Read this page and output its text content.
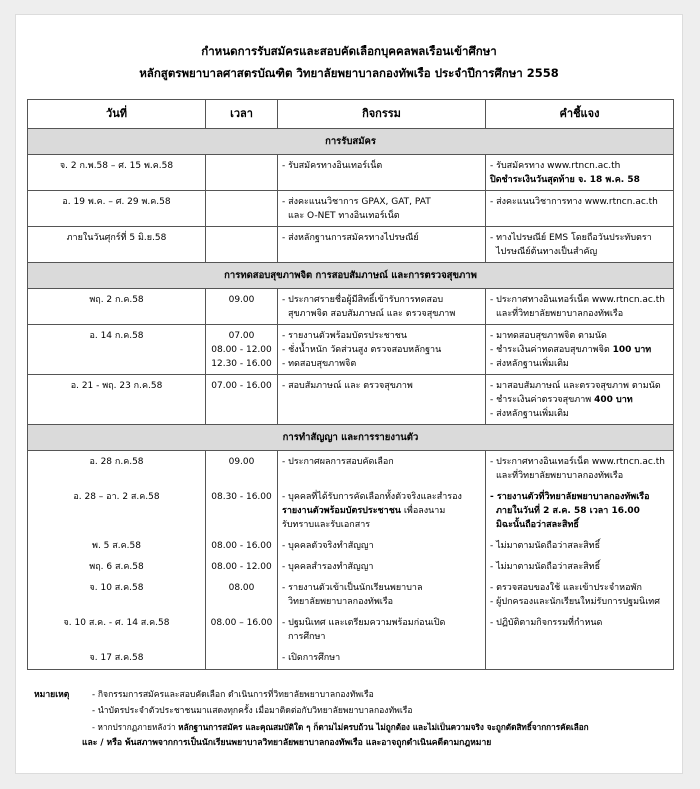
กำหนดการรับสมัครและสอบคัดเลือกบุคคลพลเรือนเข้าศึกษา
หลักสูตรพยาบาลศาสตรบัณฑิต วิทยาลัยพยาบาลกองทัพเรือ ประจำปีการศึกษา 2558
วันที่	เวลา	กิจกรรม	คำชี้แจง
การรับสมัคร			
จ. 2 ก.พ.58 – ศ. 15 พ.ค.58		- รับสมัครทางอินเทอร์เน็ต	- รับสมัครทาง www.rtncn.ac.th
ปิดชำระเงินวันสุดท้าย จ. 18 พ.ค. 58

อ. 19 พ.ค. – ศ. 29 พ.ค.58		- ส่งคะแนนวิชาการ GPAX, GAT, PAT
และ O-NET ทางอินเทอร์เน็ต	- ส่งคะแนนวิชาการทาง www.rtncn.ac.th
ภายในวันศุกร์ที่ 5 มิ.ย.58		- ส่งหลักฐานการสมัครทางไปรษณีย์	- ทางไปรษณีย์ EMS โดยถือวันประทับตรา
ไปรษณีย์ต้นทางเป็นสำคัญ

การทดสอบสุขภาพจิต การสอบสัมภาษณ์ และการตรวจสุขภาพ			
พฤ. 2 ก.ค.58	09.00	- ประกาศรายชื่อผู้มีสิทธิ์เข้ารับการทดสอบ
สุขภาพจิต สอบสัมภาษณ์ และ ตรวจสุขภาพ	- ประกาศทางอินเทอร์เน็ต www.rtncn.ac.th
และที่วิทยาลัยพยาบาลกองทัพเรือ

อ. 14 ก.ค.58	07.00
08.00 - 12.00
12.30 - 16.00	- รายงานตัวพร้อมบัตรประชาชน
- ชั่งน้ำหนัก วัดส่วนสูง ตรวจสอบหลักฐาน
- ทดสอบสุขภาพจิต	- มาทดสอบสุขภาพจิต ตามนัด
- ชำระเงินค่าทดสอบสุขภาพจิต 100 บาท
- ส่งหลักฐานเพิ่มเติม

อ. 21 - พฤ. 23 ก.ค.58	07.00 - 16.00	- สอบสัมภาษณ์ และ ตรวจสุขภาพ	- มาสอบสัมภาษณ์ และตรวจสุขภาพ ตามนัด
- ชำระเงินค่าตรวจสุขภาพ 400 บาท
- ส่งหลักฐานเพิ่มเติม

การทำสัญญา และการรายงานตัว			
อ. 28 ก.ค.58	09.00	- ประกาศผลการสอบคัดเลือก	- ประกาศทางอินเทอร์เน็ต www.rtncn.ac.th
และที่วิทยาลัยพยาบาลกองทัพเรือ

อ. 28 – อา. 2 ส.ค.58	08.30 - 16.00	- บุคคลที่ได้รับการคัดเลือกทั้งตัวจริงและสำรอง
รายงานตัวพร้อมบัตรประชาชน เพื่อลงนาม
รับทราบและรับเอกสาร	- รายงานตัวที่วิทยาลัยพยาบาลกองทัพเรือ
ภายในวันที่ 2 ส.ค. 58 เวลา 16.00
มิฉะนั้นถือว่าสละสิทธิ์

พ. 5 ส.ค.58	08.00 - 16.00	- บุคคลตัวจริงทำสัญญา	- ไม่มาตามนัดถือว่าสละสิทธิ์
พฤ. 6 ส.ค.58	08.00 - 12.00	- บุคคลสำรองทำสัญญา	- ไม่มาตามนัดถือว่าสละสิทธิ์
จ. 10 ส.ค.58	08.00	- รายงานตัวเข้าเป็นนักเรียนพยาบาล
วิทยาลัยพยาบาลกองทัพเรือ	- ตรวจสอบของใช้ และเข้าประจำหอพัก
- ผู้ปกครองและนักเรียนใหม่รับการปฐมนิเทศ

จ. 10 ส.ค. - ศ. 14 ส.ค.58	08.00 – 16.00	- ปฐมนิเทศ และเตรียมความพร้อมก่อนเปิด
การศึกษา	- ปฏิบัติตามกิจกรรมที่กำหนด
จ. 17 ส.ค.58		- เปิดการศึกษา	
หมายเหตุ	- กิจกรรมการสมัครและสอบคัดเลือก ดำเนินการที่วิทยาลัยพยาบาลกองทัพเรือ
- นำบัตรประจำตัวประชาชนมาแสดงทุกครั้ง เมื่อมาติดต่อกับวิทยาลัยพยาบาลกองทัพเรือ
- หากปรากฏภายหลังว่า หลักฐานการสมัคร และคุณสมบัติใด ๆ ก็ตามไม่ครบถ้วน ไม่ถูกต้อง และไม่เป็นความจริง จะถูกตัดสิทธิ์จากการคัดเลือก
และ / หรือ พ้นสภาพจากการเป็นนักเรียนพยาบาลวิทยาลัยพยาบาลกองทัพเรือ และอาจถูกดำเนินคดีตามกฎหมาย
